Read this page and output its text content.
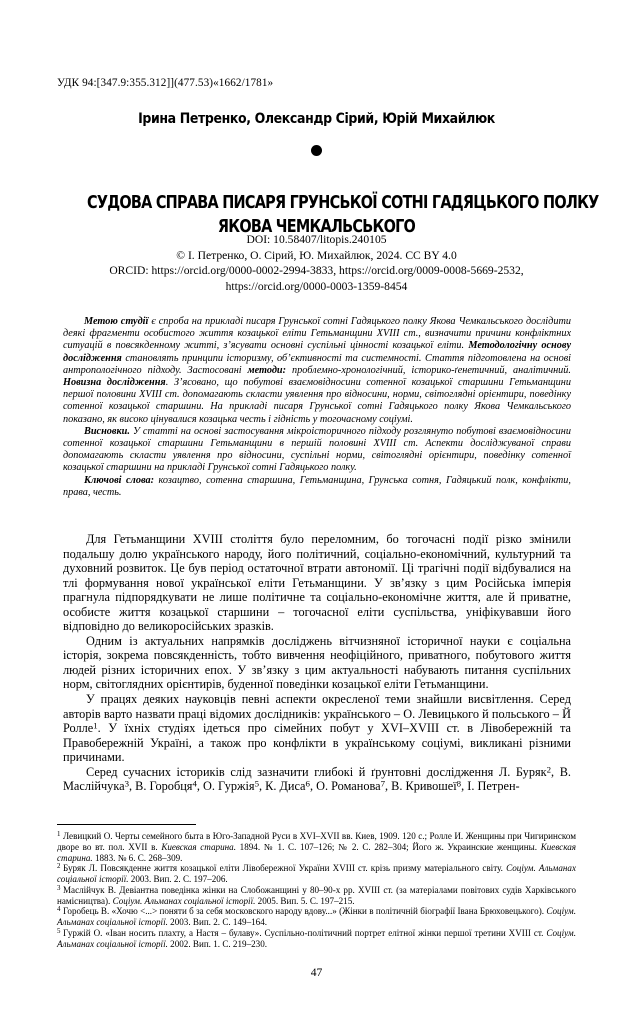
УДК 94:[347.9:355.312]](477.53)«1662/1781»
Ірина Петренко, Олександр Сірий, Юрій Михайлюк
СУДОВА СПРАВА ПИСАРЯ ГРУНСЬКОЇ СОТНІ ГАДЯЦЬКОГО ПОЛКУ
ЯКОВА ЧЕМКАЛЬСЬКОГО
DOI: 10.58407/litopis.240105
© І. Петренко, О. Сірий, Ю. Михайлюк, 2024. CC BY 4.0
ORCID: https://orcid.org/0000-0002-2994-3833, https://orcid.org/0009-0008-5669-2532,
https://orcid.org/0000-0003-1359-8454

Метою студії є спроба на прикладі писаря Грунської сотні Гадяцького полку Якова Чемкальського дослідити деякі фрагменти особистого життя козацької еліти Гетьманщини XVIII ст., визначити причини конфліктних ситуацій в повсякденному житті, з’ясувати основні суспільні цінності козацької еліти. Методологічну основу дослідження становлять принципи історизму, об’єктивності та системності. Стаття підготовлена на основі антропологічного підходу. Застосовані методи: проблемно-хронологічний, історико-ґенетичний, аналітичний. Новизна дослідження. З’ясовано, що побутові взаємовідносини сотенної козацької старшини Гетьманщини першої половини XVIII ст. допомагають скласти уявлення про відносини, норми, світоглядні орієнтири, поведінку сотенної козацької старшини. На прикладі писаря Грунської сотні Гадяцького полку Якова Чемкальського показано, як високо цінувалися козацька честь і гідність у тогочасному соціумі.

Висновки. У статті на основі застосування мікроісторичного підходу розглянуто побутові взаємовідносини сотенної козацької старшини Гетьманщини в першій половині XVIII ст. Аспекти досліджуваної справи допомагають скласти уявлення про відносини, суспільні норми, світоглядні орієнтири, поведінку сотенної козацької старшини на прикладі Грунської сотні Гадяцького полку.

Ключові слова: козацтво, сотенна старшина, Гетьманщина, Грунська сотня, Гадяцький полк, конфлікти, права, честь.

Для Гетьманщини XVIII століття було переломним, бо тогочасні події різко змінили подальшу долю українського народу, його політичний, соціально-економічний, культурний та духовний розвиток. Це був період остаточної втрати автономії. Ці трагічні події відбувалися на тлі формування нової української еліти Гетьманщини. У зв’язку з цим Російська імперія прагнула підпорядкувати не лише політичне та соціально-економічне життя, але й приватне, особисте життя козацької старшини – тогочасної еліти суспільства, уніфікувавши його відповідно до великоросійських зразків.

Одним із актуальних напрямків досліджень вітчизняної історичної науки є соціальна історія, зокрема повсякденність, тобто вивчення неофіційного, приватного, побутового життя людей різних історичних епох. У зв’язку з цим актуальності набувають питання суспільних норм, світоглядних орієнтирів, буденної поведінки козацької еліти Гетьманщини.

У працях деяких науковців певні аспекти окресленої теми знайшли висвітлення. Серед авторів варто назвати праці відомих дослідників: українського – О. Левицького й польського – Й Ролле$^1$. У їхніх студіях ідеться про сімейних побут у XVI–XVIII ст. в Лівобережній та Правобережній Україні, а також про конфлікти в українському соціумі, викликані різними причинами.

Серед сучасних істориків слід зазначити глибокі й ґрунтовні дослідження Л. Буряк$^2$, В. Маслійчука$^3$, В. Горобця$^4$, О. Гуржія$^5$, К. Диса$^6$, О. Романова$^7$, В. Кривошеї$^8$, І. Петрен-

$^1$ Левицкий О. Черты семейного быта в Юго-Западной Руси в XVI–XVII вв. Киев, 1909. 120 с.; Ролле И. Женщины при Чигиринском дворе во вт. пол. XVII в. Киевская старина. 1894. № 1. С. 107–126; № 2. С. 282–304; Його ж. Украинские женщины. Киевская старина. 1883. № 6. С. 268–309.

$^2$ Буряк Л. Повсякденне життя козацької еліти Лівобережної України XVIII ст. крізь призму матеріального світу. Соціум. Альманах соціальної історії. 2003. Вип. 2. С. 197–206.

$^3$ Маслійчук В. Девіантна поведінка жінки на Слобожанщині у 80–90-х рр. XVIII ст. (за матеріалами повітових судів Харківського намісництва). Соціум. Альманах соціальної історії. 2005. Вип. 5. С. 197–215.

$^4$ Горобець В. «Хочю <...> поняти б за себя московского народу вдову...» (Жінки в політичній біографії Івана Брюховецького). Соціум. Альманах соціальної історії. 2003. Вип. 2. С. 149–164.

$^5$ Гуржій О. «Іван носить плахту, а Настя – булаву». Суспільно-політичний портрет елітної жінки першої третини XVIII ст. Соціум. Альманах соціальної історії. 2002. Вип. 1. С. 219–230.

47
